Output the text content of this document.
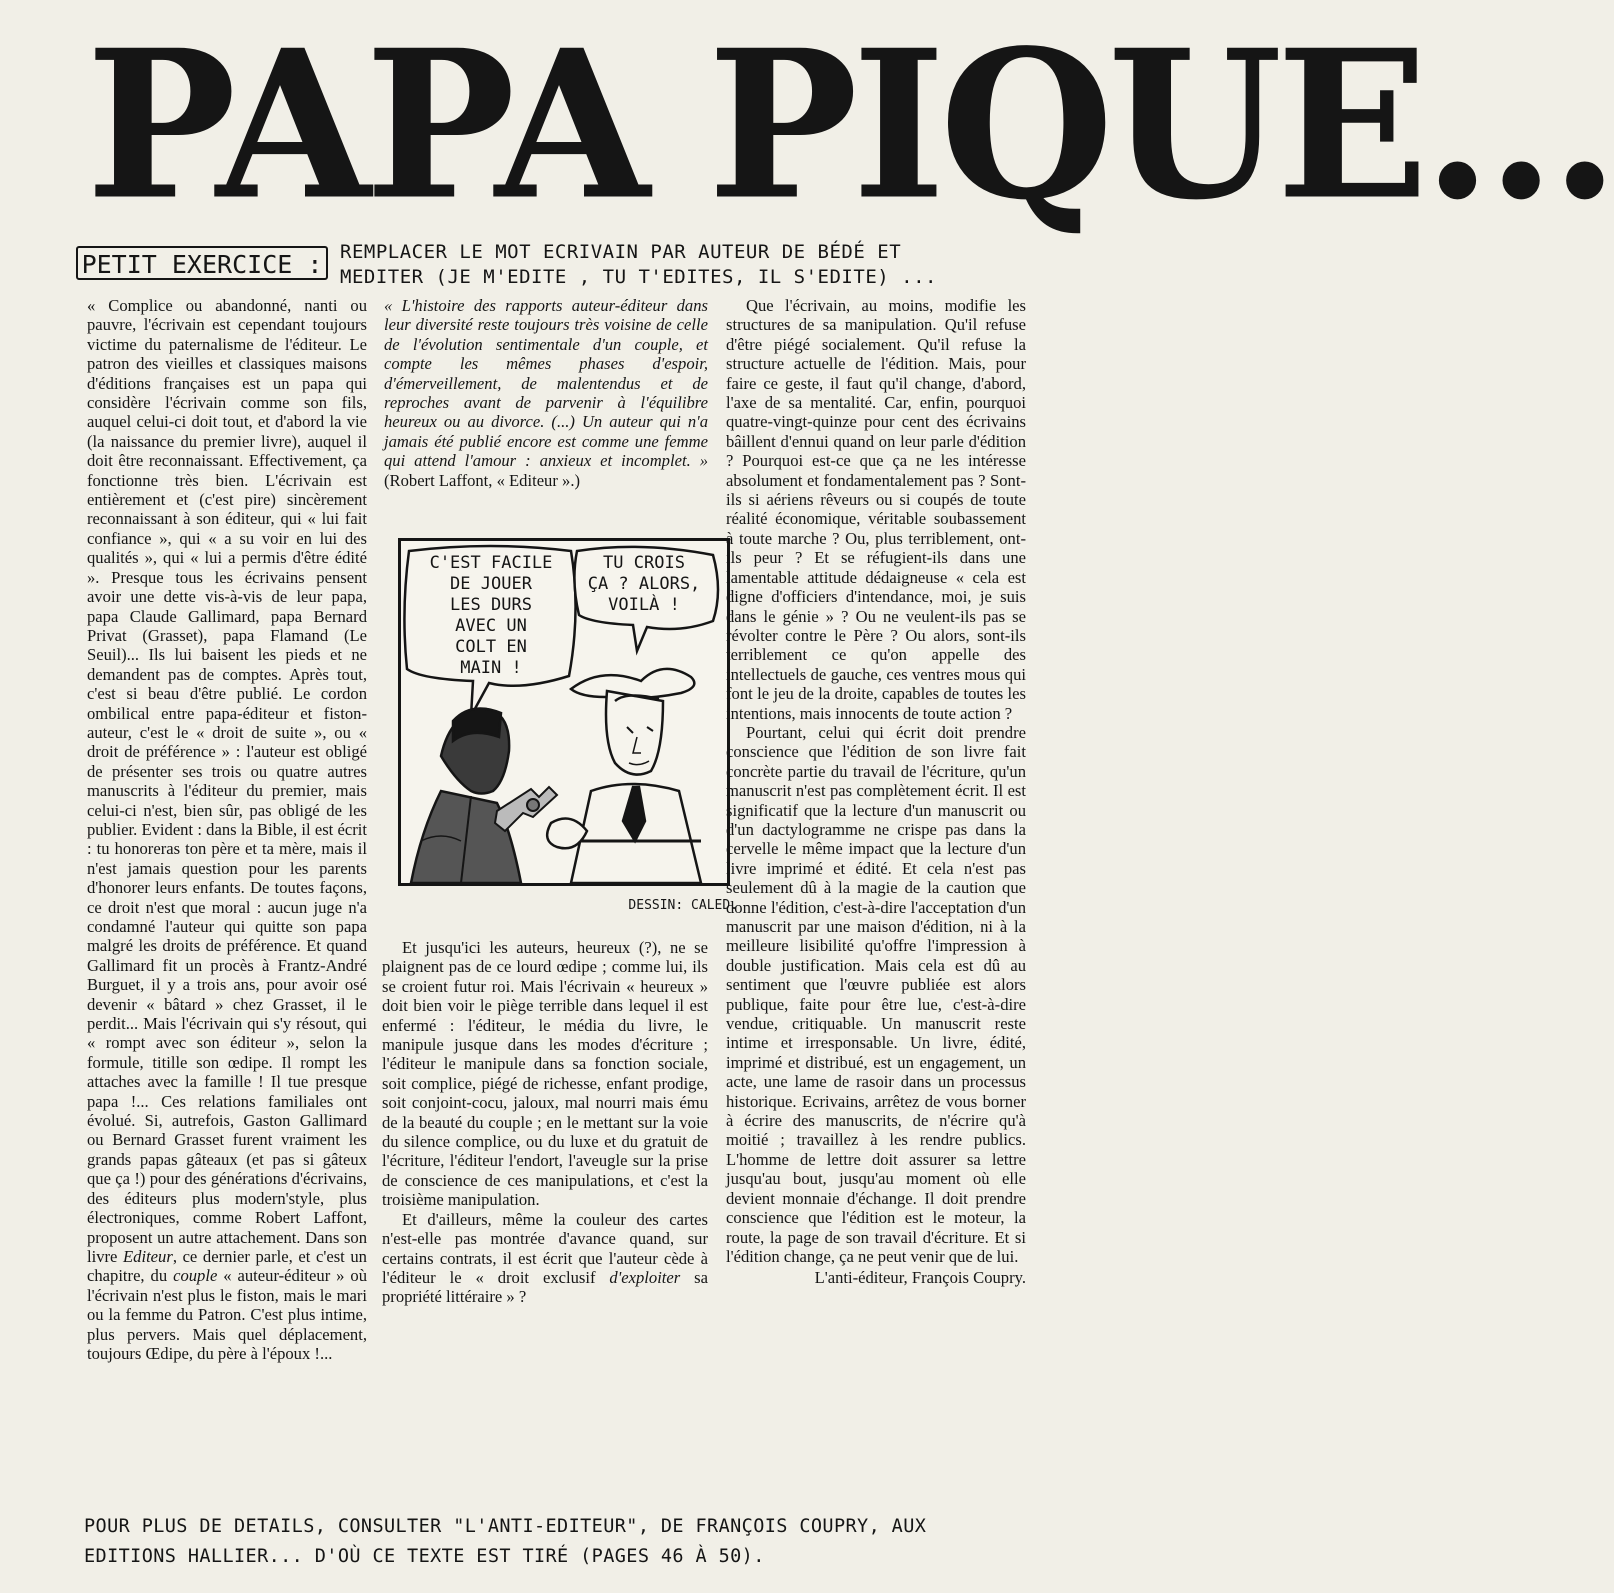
PAPA PIQUE...
PETIT EXERCICE : REMPLACER LE MOT ECRIVAIN PAR AUTEUR DE BÉDÉ ET
MEDITER (JE M'EDITE , TU T'EDITES, IL S'EDITE) ...

« Complice ou abandonné, nanti ou pauvre, l'écrivain est cependant toujours victime du paternalisme de l'éditeur. Le patron des vieilles et classiques maisons d'éditions françaises est un papa qui considère l'écrivain comme son fils, auquel celui-ci doit tout, et d'abord la vie (la naissance du premier livre), auquel il doit être reconnaissant. Effectivement, ça fonctionne très bien. L'écrivain est entièrement et (c'est pire) sincèrement reconnaissant à son éditeur, qui « lui fait confiance », qui « a su voir en lui des qualités », qui « lui a permis d'être édité ». Presque tous les écrivains pensent avoir une dette vis-à-vis de leur papa, papa Claude Gallimard, papa Bernard Privat (Grasset), papa Flamand (Le Seuil)... Ils lui baisent les pieds et ne demandent pas de comptes. Après tout, c'est si beau d'être publié. Le cordon ombilical entre papa-éditeur et fiston-auteur, c'est le « droit de suite », ou « droit de préférence » : l'auteur est obligé de présenter ses trois ou quatre autres manuscrits à l'éditeur du premier, mais celui-ci n'est, bien sûr, pas obligé de les publier. Evident : dans la Bible, il est écrit : tu honoreras ton père et ta mère, mais il n'est jamais question pour les parents d'honorer leurs enfants. De toutes façons, ce droit n'est que moral : aucun juge n'a condamné l'auteur qui quitte son papa malgré les droits de préférence. Et quand Gallimard fit un procès à Frantz-André Burguet, il y a trois ans, pour avoir osé devenir « bâtard » chez Grasset, il le perdit... Mais l'écrivain qui s'y résout, qui « rompt avec son éditeur », selon la formule, titille son œdipe. Il rompt les attaches avec la famille ! Il tue presque papa !... Ces relations familiales ont évolué. Si, autrefois, Gaston Gallimard ou Bernard Grasset furent vraiment les grands papas gâteaux (et pas si gâteux que ça !) pour des générations d'écrivains, des éditeurs plus modern'style, plus électroniques, comme Robert Laffont, proposent un autre attachement. Dans son livre Editeur, ce dernier parle, et c'est un chapitre, du couple « auteur-éditeur » où l'écrivain n'est plus le fiston, mais le mari ou la femme du Patron. C'est plus intime, plus pervers. Mais quel déplacement, toujours Œdipe, du père à l'époux !...

« L'histoire des rapports auteur-éditeur dans leur diversité reste toujours très voisine de celle de l'évolution sentimentale d'un couple, et compte les mêmes phases d'espoir, d'émerveillement, de malentendus et de reproches avant de parvenir à l'équilibre heureux ou au divorce. (...) Un auteur qui n'a jamais été publié encore est comme une femme qui attend l'amour : anxieux et incomplet. » (Robert Laffont, « Editeur ».)

C'EST FACILE
DE JOUER
LES DURS
AVEC UN
COLT EN
MAIN !
TU CROIS
ÇA ? ALORS,
VOILÀ !
DESSIN: CALED.

Et jusqu'ici les auteurs, heureux (?), ne se plaignent pas de ce lourd œdipe ; comme lui, ils se croient futur roi. Mais l'écrivain « heureux » doit bien voir le piège terrible dans lequel il est enfermé : l'éditeur, le média du livre, le manipule jusque dans les modes d'écriture ; l'éditeur le manipule dans sa fonction sociale, soit complice, piégé de richesse, enfant prodige, soit conjoint-cocu, jaloux, mal nourri mais ému de la beauté du couple ; en le mettant sur la voie du silence complice, ou du luxe et du gratuit de l'écriture, l'éditeur l'endort, l'aveugle sur la prise de conscience de ces manipulations, et c'est la troisième manipulation.

Et d'ailleurs, même la couleur des cartes n'est-elle pas montrée d'avance quand, sur certains contrats, il est écrit que l'auteur cède à l'éditeur le « droit exclusif d'exploiter sa propriété littéraire » ?

Que l'écrivain, au moins, modifie les structures de sa manipulation. Qu'il refuse d'être piégé socialement. Qu'il refuse la structure actuelle de l'édition. Mais, pour faire ce geste, il faut qu'il change, d'abord, l'axe de sa mentalité. Car, enfin, pourquoi quatre-vingt-quinze pour cent des écrivains bâillent d'ennui quand on leur parle d'édition ? Pourquoi est-ce que ça ne les intéresse absolument et fondamentalement pas ? Sont-ils si aériens rêveurs ou si coupés de toute réalité économique, véritable soubassement à toute marche ? Ou, plus terriblement, ont-ils peur ? Et se réfugient-ils dans une lamentable attitude dédaigneuse « cela est digne d'officiers d'intendance, moi, je suis dans le génie » ? Ou ne veulent-ils pas se révolter contre le Père ? Ou alors, sont-ils terriblement ce qu'on appelle des intellectuels de gauche, ces ventres mous qui font le jeu de la droite, capables de toutes les intentions, mais innocents de toute action ?

Pourtant, celui qui écrit doit prendre conscience que l'édition de son livre fait concrète partie du travail de l'écriture, qu'un manuscrit n'est pas complètement écrit. Il est significatif que la lecture d'un manuscrit ou d'un dactylogramme ne crispe pas dans la cervelle le même impact que la lecture d'un livre imprimé et édité. Et cela n'est pas seulement dû à la magie de la caution que donne l'édition, c'est-à-dire l'acceptation d'un manuscrit par une maison d'édition, ni à la meilleure lisibilité qu'offre l'impression à double justification. Mais cela est dû au sentiment que l'œuvre publiée est alors publique, faite pour être lue, c'est-à-dire vendue, critiquable. Un manuscrit reste intime et irresponsable. Un livre, édité, imprimé et distribué, est un engagement, un acte, une lame de rasoir dans un processus historique. Ecrivains, arrêtez de vous borner à écrire des manuscrits, de n'écrire qu'à moitié ; travaillez à les rendre publics. L'homme de lettre doit assurer sa lettre jusqu'au bout, jusqu'au moment où elle devient monnaie d'échange. Il doit prendre conscience que l'édition est le moteur, la route, la page de son travail d'écriture. Et si l'édition change, ça ne peut venir que de lui.

L'anti-éditeur, François Coupry.
POUR PLUS DE DETAILS, CONSULTER "L'ANTI-EDITEUR", DE FRANÇOIS COUPRY, AUX
EDITIONS HALLIER... D'OÙ CE TEXTE EST TIRÉ (PAGES 46 À 50).
